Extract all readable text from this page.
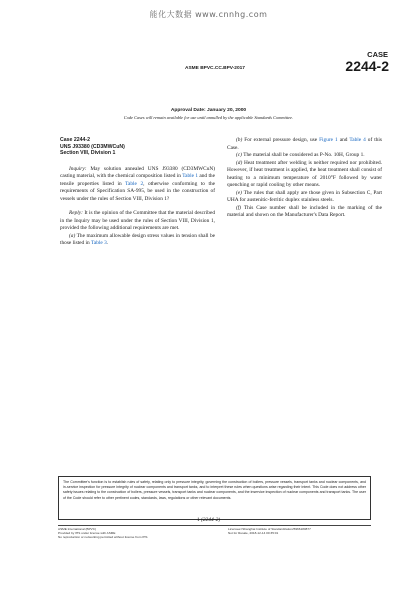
能化大数据 www.cnnhg.com
CASE
2244-2
ASME BPVC.CC.BPV-2017
Approval Date: January 20, 2000
Code Cases will remain available for use until annulled by the applicable Standards Committee.
Case 2244-2
UNS J93380 (CD3MWCuN)
Section VIII, Division 1

Inquiry: May solution annealed UNS J93380 (CD3MWCuN) casting material, with the chemical composition listed in Table 1 and the tensile properties listed in Table 2, otherwise conforming to the requirements of Specification SA-995, be used in the construction of vessels under the rules of Section VIII, Division 1?

Reply: It is the opinion of the Committee that the material described in the Inquiry may be used under the rules of Section VIII, Division 1, provided the following additional requirements are met.

(a) The maximum allowable design stress values in tension shall be those listed in Table 3.

(b) For external pressure design, use Figure 1 and Table 4 of this Case.

(c) The material shall be considered as P-No. 10H, Group 1.

(d) Heat treatment after welding is neither required nor prohibited. However, if heat treatment is applied, the heat treatment shall consist of heating to a minimum temperature of 2010°F followed by water quenching or rapid cooling by other means.

(e) The rules that shall apply are those given in Subsection C, Part UHA for austenitic-ferritic duplex stainless steels.

(f) This Case number shall be included in the marking of the material and shown on the Manufacturer's Data Report.

The Committee's function is to establish rules of safety, relating only to pressure integrity, governing the construction of boilers, pressure vessels, transport tanks and nuclear components, and in-service inspection for pressure integrity of nuclear components and transport tanks, and to interpret these rules when questions arise regarding their intent. This Code does not address other safety issues relating to the construction of boilers, pressure vessels, transport tanks and nuclear components, and the inservice inspection of nuclear components and transport tanks. The user of the Code should refer to other pertinent codes, standards, laws, regulations or other relevant documents.
1 (2244-2)
ASME International (BPVC)
Provided by IHS under license with ASME
No reproduction or networking permitted without license from IHS
Licensee=Shanghai Institute of Standardization/5966180877
Not for Resale, 2018-12-14 00:35:01
